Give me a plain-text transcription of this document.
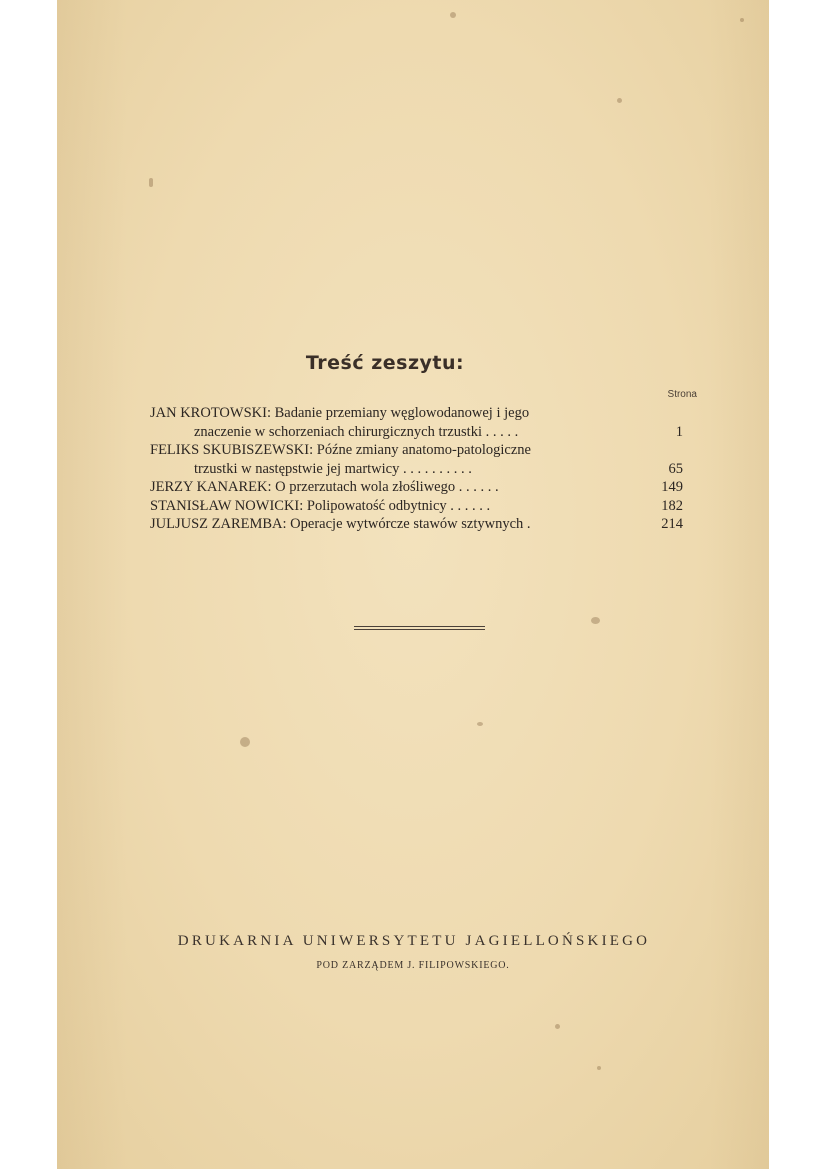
Treść zeszytu:
Strona
JAN KROTOWSKI: Badanie przemiany węglowodanowej i jego
znaczenie w schorzeniach chirurgicznych trzustki . . . . .	1
FELIKS SKUBISZEWSKI: Późne zmiany anatomo-patologiczne
trzustki w następstwie jej martwicy . . . . . . . . . .	65
JERZY KANAREK: O przerzutach wola złośliwego . . . . . .	149
STANISŁAW NOWICKI: Polipowatość odbytnicy . . . . . .	182
JULJUSZ ZAREMBA: Operacje wytwórcze stawów sztywnych .	214
DRUKARNIA UNIWERSYTETU JAGIELLOŃSKIEGO
POD ZARZĄDEM J. FILIPOWSKIEGO.
